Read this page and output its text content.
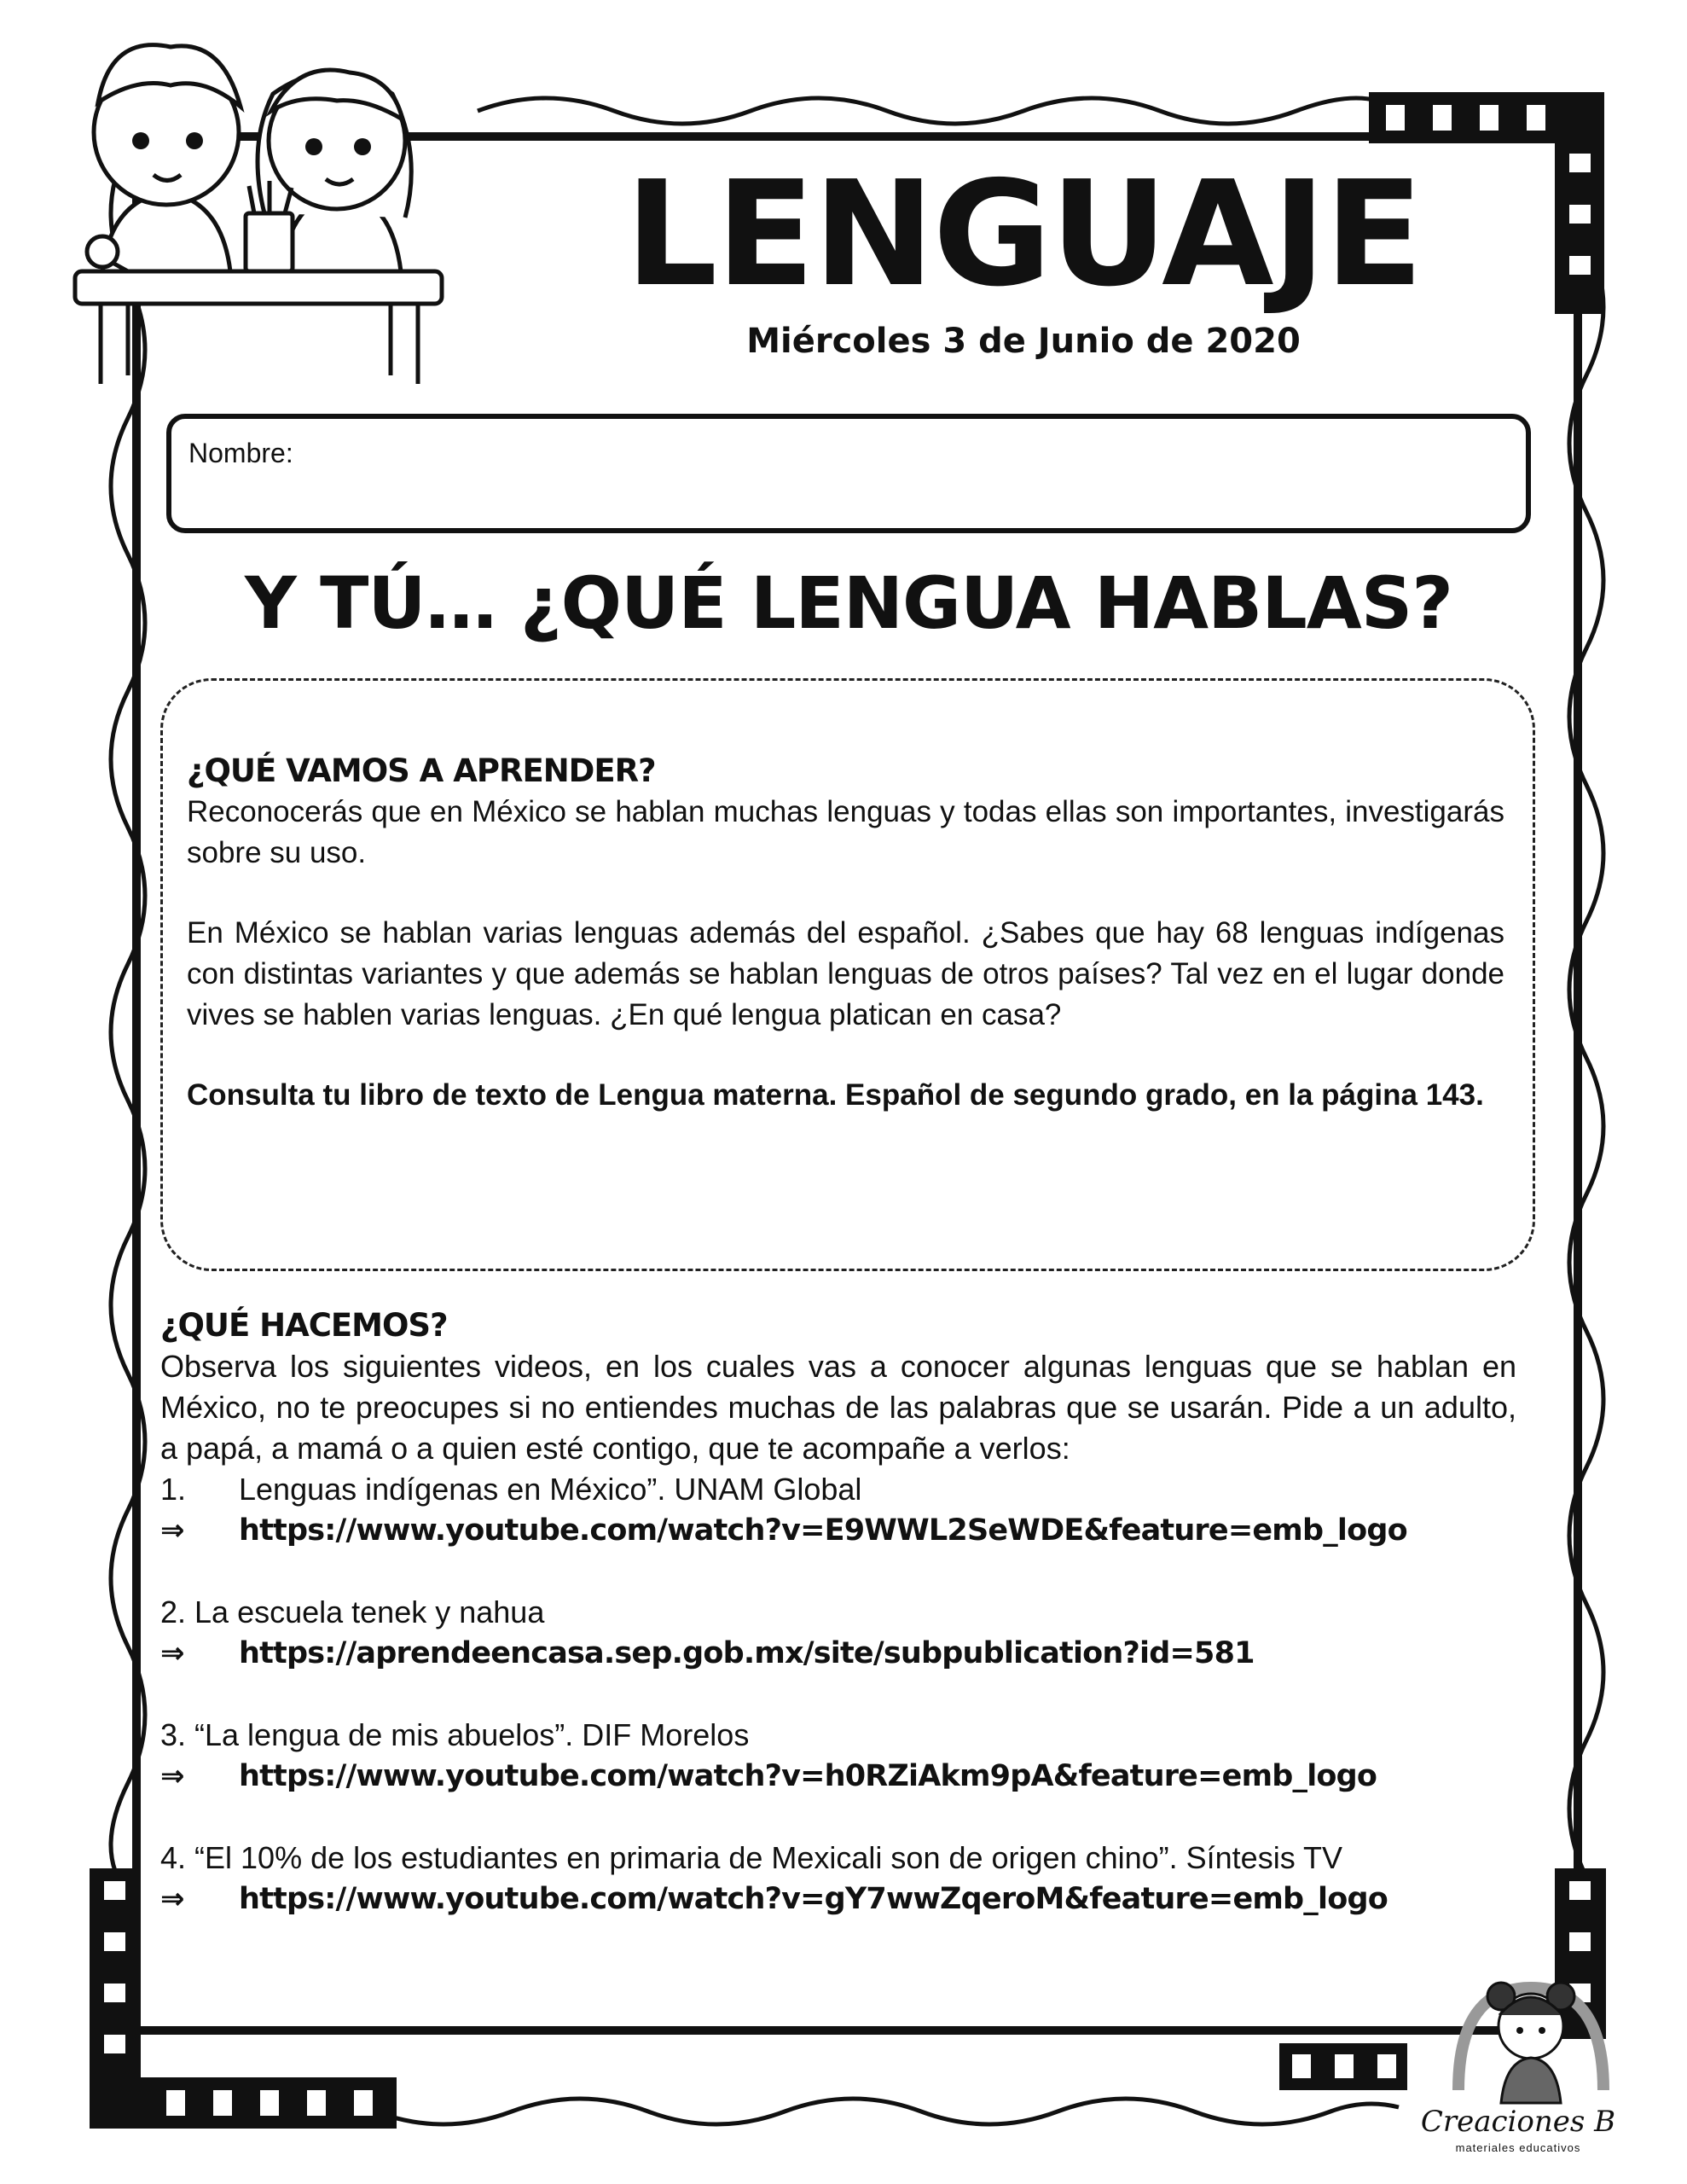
LENGUAJE
Miércoles 3 de Junio de 2020
Nombre:
Y TÚ… ¿QUÉ LENGUA HABLAS?
¿QUÉ VAMOS A APRENDER?
Reconocerás que en México se hablan muchas lenguas y todas ellas son importantes, investigarás sobre su uso.
En México se hablan varias lenguas además del español. ¿Sabes que hay 68 lenguas indígenas con distintas variantes y que además se hablan lenguas de otros países? Tal vez en el lugar donde vives se hablen varias lenguas. ¿En qué lengua platican en casa?
Consulta tu libro de texto de Lengua materna. Español de segundo grado, en la página 143.
¿QUÉ HACEMOS?
Observa los siguientes videos, en los cuales vas a conocer algunas lenguas que se hablan en México, no te preocupes si no entiendes muchas de las palabras que se usarán. Pide a un adulto, a papá, a mamá o a quien esté contigo, que te acompañe a verlos:
1.	Lenguas indígenas en México”. UNAM Global
⇒	https://www.youtube.com/watch?v=E9WWL2SeWDE&feature=emb_logo
2. La escuela tenek y nahua
⇒	https://aprendeencasa.sep.gob.mx/site/subpublication?id=581
3. “La lengua de mis abuelos”. DIF Morelos
⇒	https://www.youtube.com/watch?v=h0RZiAkm9pA&feature=emb_logo
4. “El 10% de los estudiantes en primaria de Mexicali son de origen chino”. Síntesis TV
⇒	https://www.youtube.com/watch?v=gY7wwZqeroM&feature=emb_logo
Creaciones B
materiales educativos
